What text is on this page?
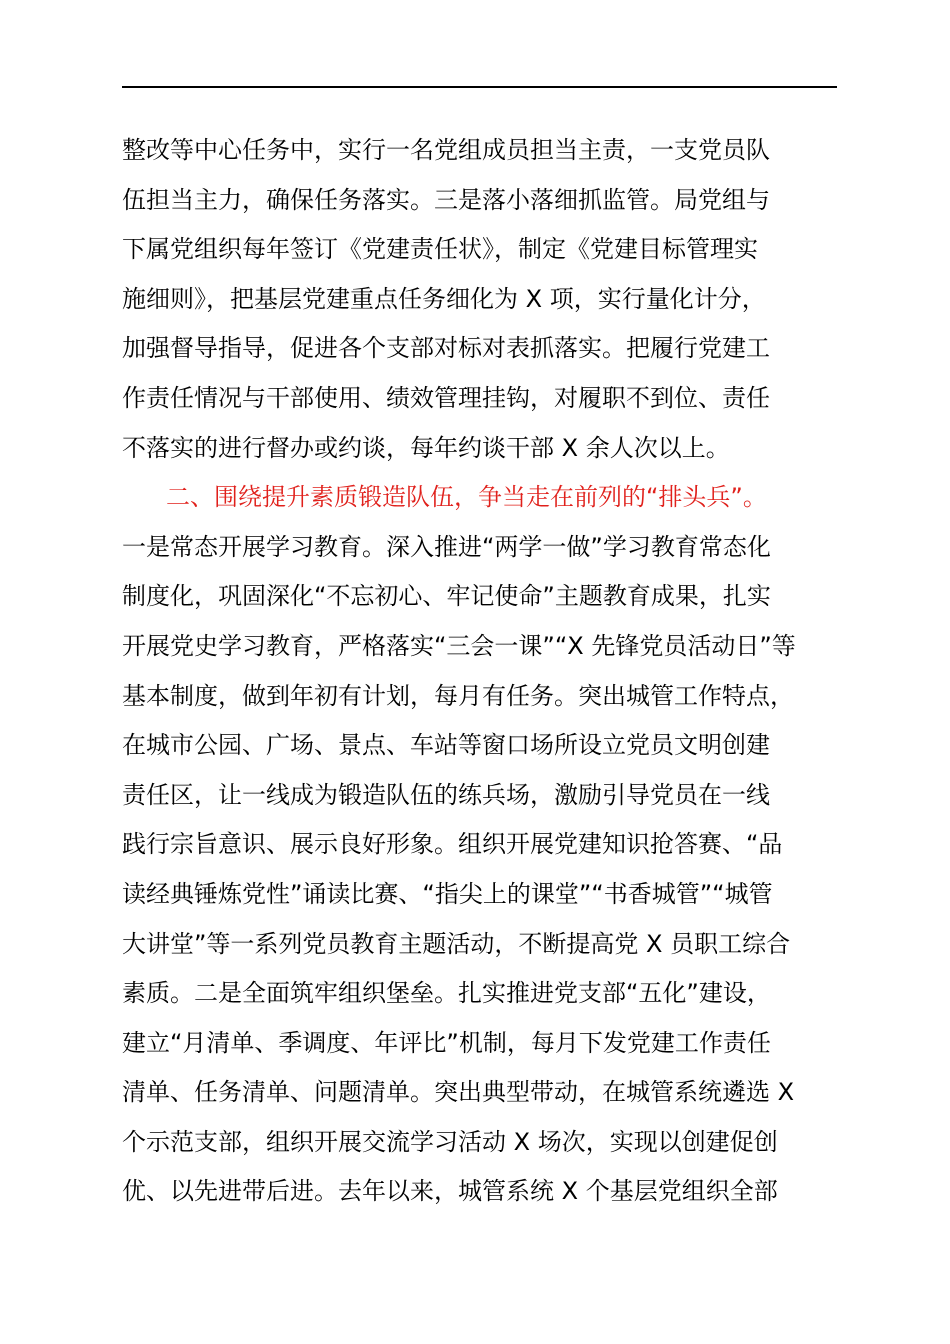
整改等中心任务中，实行一名党组成员担当主责，一支党员队
伍担当主力，确保任务落实。三是落小落细抓监管。局党组与
下属党组织每年签订《党建责任状》，制定《党建目标管理实
施细则》，把基层党建重点任务细化为 X 项，实行量化计分，
加强督导指导，促进各个支部对标对表抓落实。把履行党建工
作责任情况与干部使用、绩效管理挂钩，对履职不到位、责任
不落实的进行督办或约谈，每年约谈干部 X 余人次以上。
二、围绕提升素质锻造队伍，争当走在前列的“排头兵”。
一是常态开展学习教育。深入推进“两学一做”学习教育常态化
制度化，巩固深化“不忘初心、牢记使命”主题教育成果，扎实
开展党史学习教育，严格落实“三会一课”“X 先锋党员活动日”等
基本制度，做到年初有计划，每月有任务。突出城管工作特点，
在城市公园、广场、景点、车站等窗口场所设立党员文明创建
责任区，让一线成为锻造队伍的练兵场，激励引导党员在一线
践行宗旨意识、展示良好形象。组织开展党建知识抢答赛、“品
读经典锤炼党性”诵读比赛、“指尖上的课堂”“书香城管”“城管
大讲堂”等一系列党员教育主题活动，不断提高党 X 员职工综合
素质。二是全面筑牢组织堡垒。扎实推进党支部“五化”建设，
建立“月清单、季调度、年评比”机制，每月下发党建工作责任
清单、任务清单、问题清单。突出典型带动，在城管系统遴选 X
个示范支部，组织开展交流学习活动 X 场次，实现以创建促创
优、以先进带后进。去年以来，城管系统 X 个基层党组织全部
